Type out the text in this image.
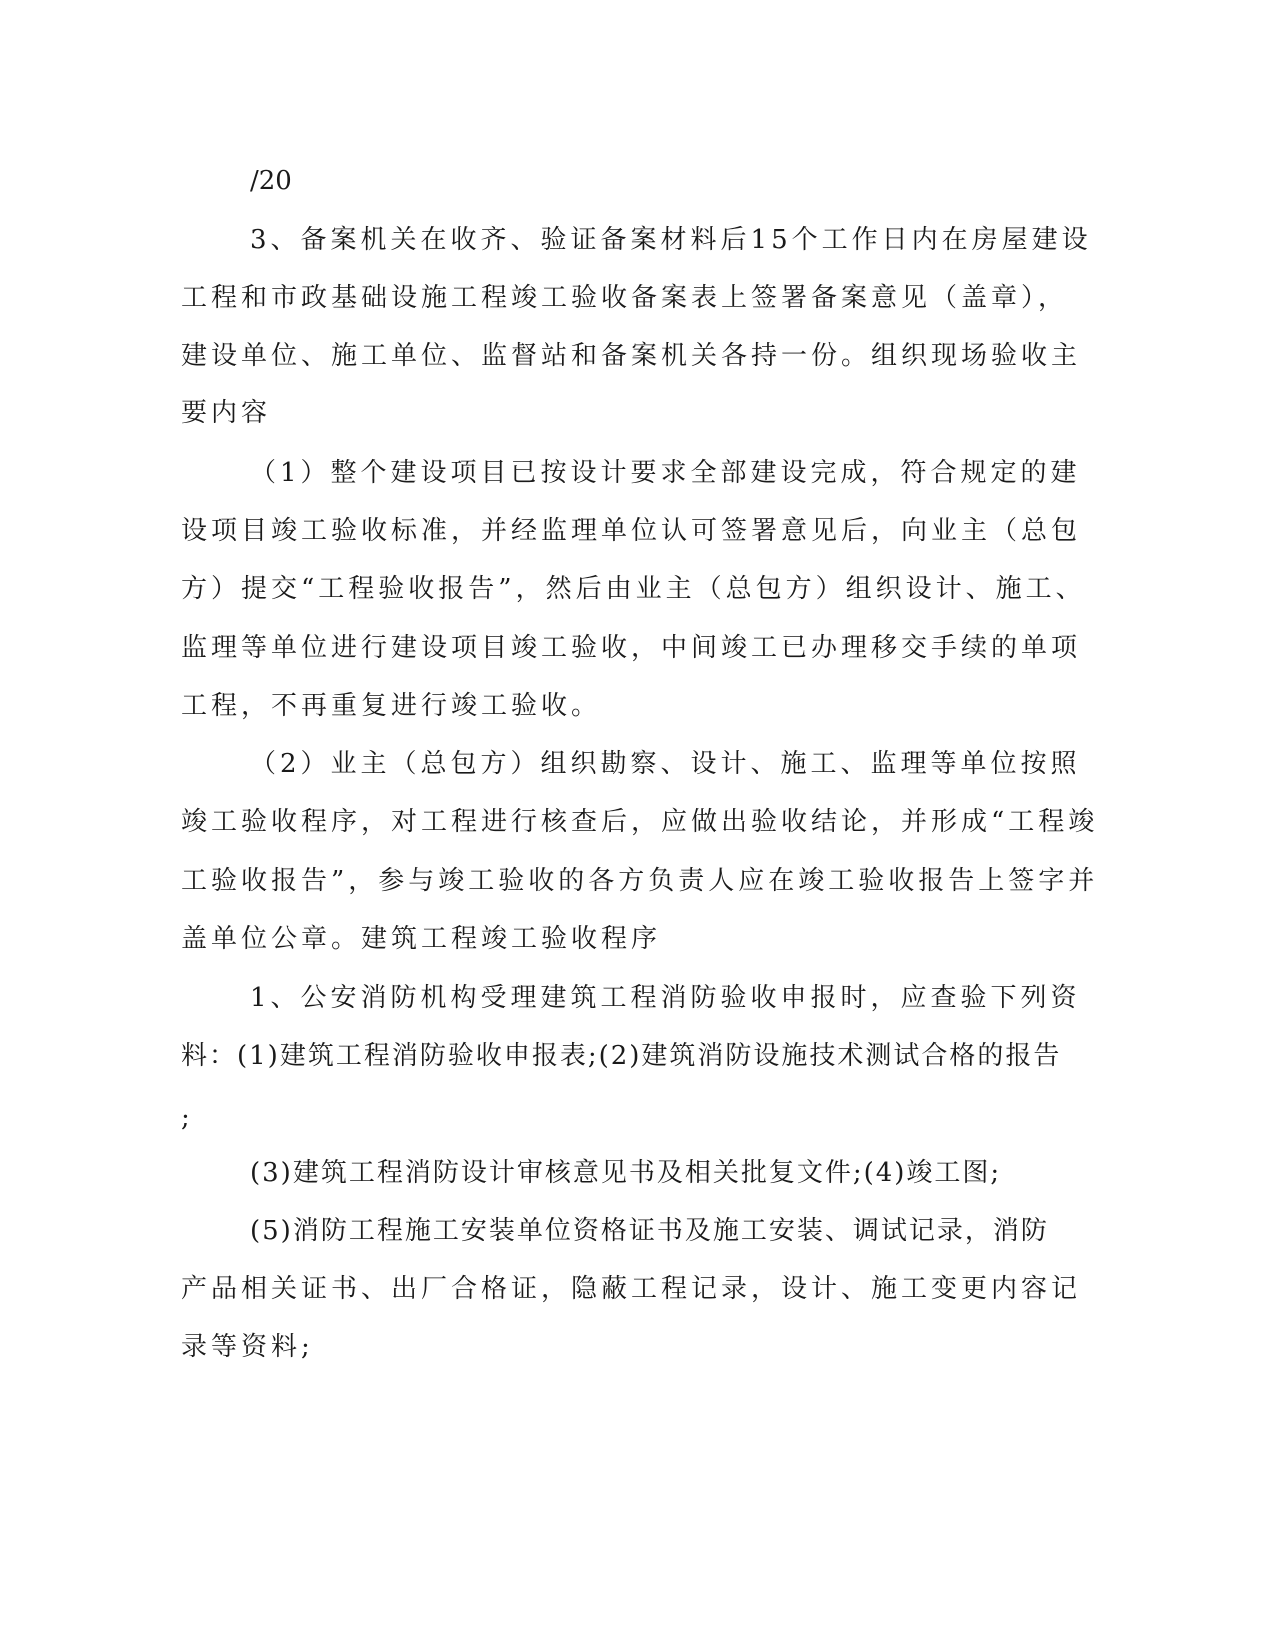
/20

3、备案机关在收齐、验证备案材料后15个工作日内在房屋建设

工程和市政基础设施工程竣工验收备案表上签署备案意见（盖章），

建设单位、施工单位、监督站和备案机关各持一份。组织现场验收主

要内容

（1）整个建设项目已按设计要求全部建设完成，符合规定的建

设项目竣工验收标准，并经监理单位认可签署意见后，向业主（总包

方）提交“工程验收报告”，然后由业主（总包方）组织设计、施工、

监理等单位进行建设项目竣工验收，中间竣工已办理移交手续的单项

工程，不再重复进行竣工验收。

（2）业主（总包方）组织勘察、设计、施工、监理等单位按照

竣工验收程序，对工程进行核查后，应做出验收结论，并形成“工程竣

工验收报告”，参与竣工验收的各方负责人应在竣工验收报告上签字并

盖单位公章。建筑工程竣工验收程序

1、公安消防机构受理建筑工程消防验收申报时，应查验下列资

料：(1)建筑工程消防验收申报表;(2)建筑消防设施技术测试合格的报告

;

(3)建筑工程消防设计审核意见书及相关批复文件;(4)竣工图;

(5)消防工程施工安装单位资格证书及施工安装、调试记录，消防

产品相关证书、出厂合格证，隐蔽工程记录，设计、施工变更内容记

录等资料;
